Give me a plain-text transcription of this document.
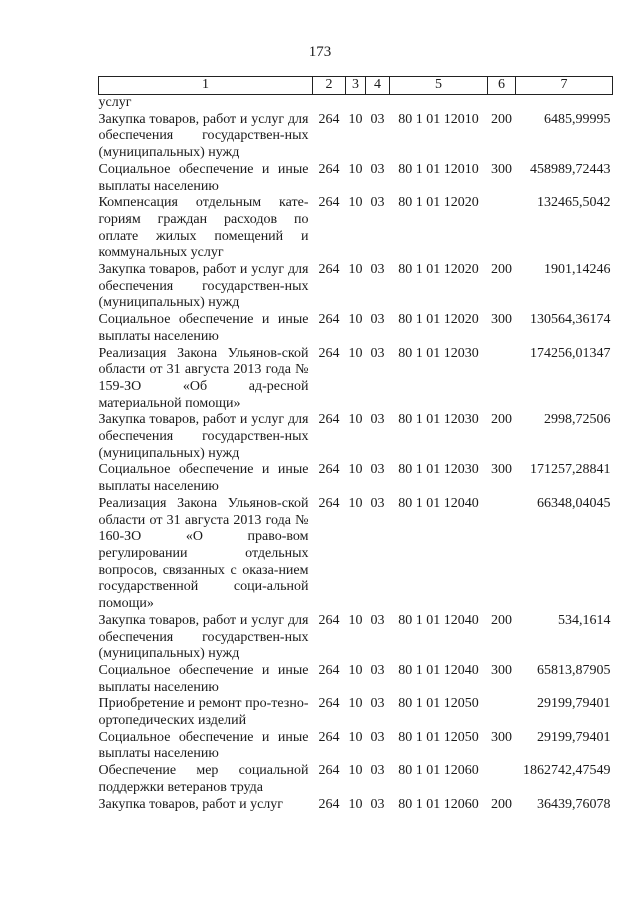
173
1	2	3	4	5	6	7
услуг						
Закупка товаров, работ и услуг для обеспечения государствен-ных (муниципальных) нужд	264	10	03	80 1 01 12010	200	6485,99995
Социальное обеспечение и иные выплаты населению	264	10	03	80 1 01 12010	300	458989,72443
Компенсация отдельным кате-гориям граждан расходов по оплате жилых помещений и коммунальных услуг	264	10	03	80 1 01 12020		132465,5042
Закупка товаров, работ и услуг для обеспечения государствен-ных (муниципальных) нужд	264	10	03	80 1 01 12020	200	1901,14246
Социальное обеспечение и иные выплаты населению	264	10	03	80 1 01 12020	300	130564,36174
Реализация Закона Ульянов-ской области от 31 августа 2013 года № 159-ЗО «Об ад-ресной материальной помощи»	264	10	03	80 1 01 12030		174256,01347
Закупка товаров, работ и услуг для обеспечения государствен-ных (муниципальных) нужд	264	10	03	80 1 01 12030	200	2998,72506
Социальное обеспечение и иные выплаты населению	264	10	03	80 1 01 12030	300	171257,28841
Реализация Закона Ульянов-ской области от 31 августа 2013 года № 160-ЗО «О право-вом регулировании отдельных вопросов, связанных с оказа-нием государственной соци-альной помощи»	264	10	03	80 1 01 12040		66348,04045
Закупка товаров, работ и услуг для обеспечения государствен-ных (муниципальных) нужд	264	10	03	80 1 01 12040	200	534,1614
Социальное обеспечение и иные выплаты населению	264	10	03	80 1 01 12040	300	65813,87905
Приобретение и ремонт про-тезно-ортопедических изделий	264	10	03	80 1 01 12050		29199,79401
Социальное обеспечение и иные выплаты населению	264	10	03	80 1 01 12050	300	29199,79401
Обеспечение мер социальной поддержки ветеранов труда	264	10	03	80 1 01 12060		1862742,47549
Закупка товаров, работ и услуг	264	10	03	80 1 01 12060	200	36439,76078
